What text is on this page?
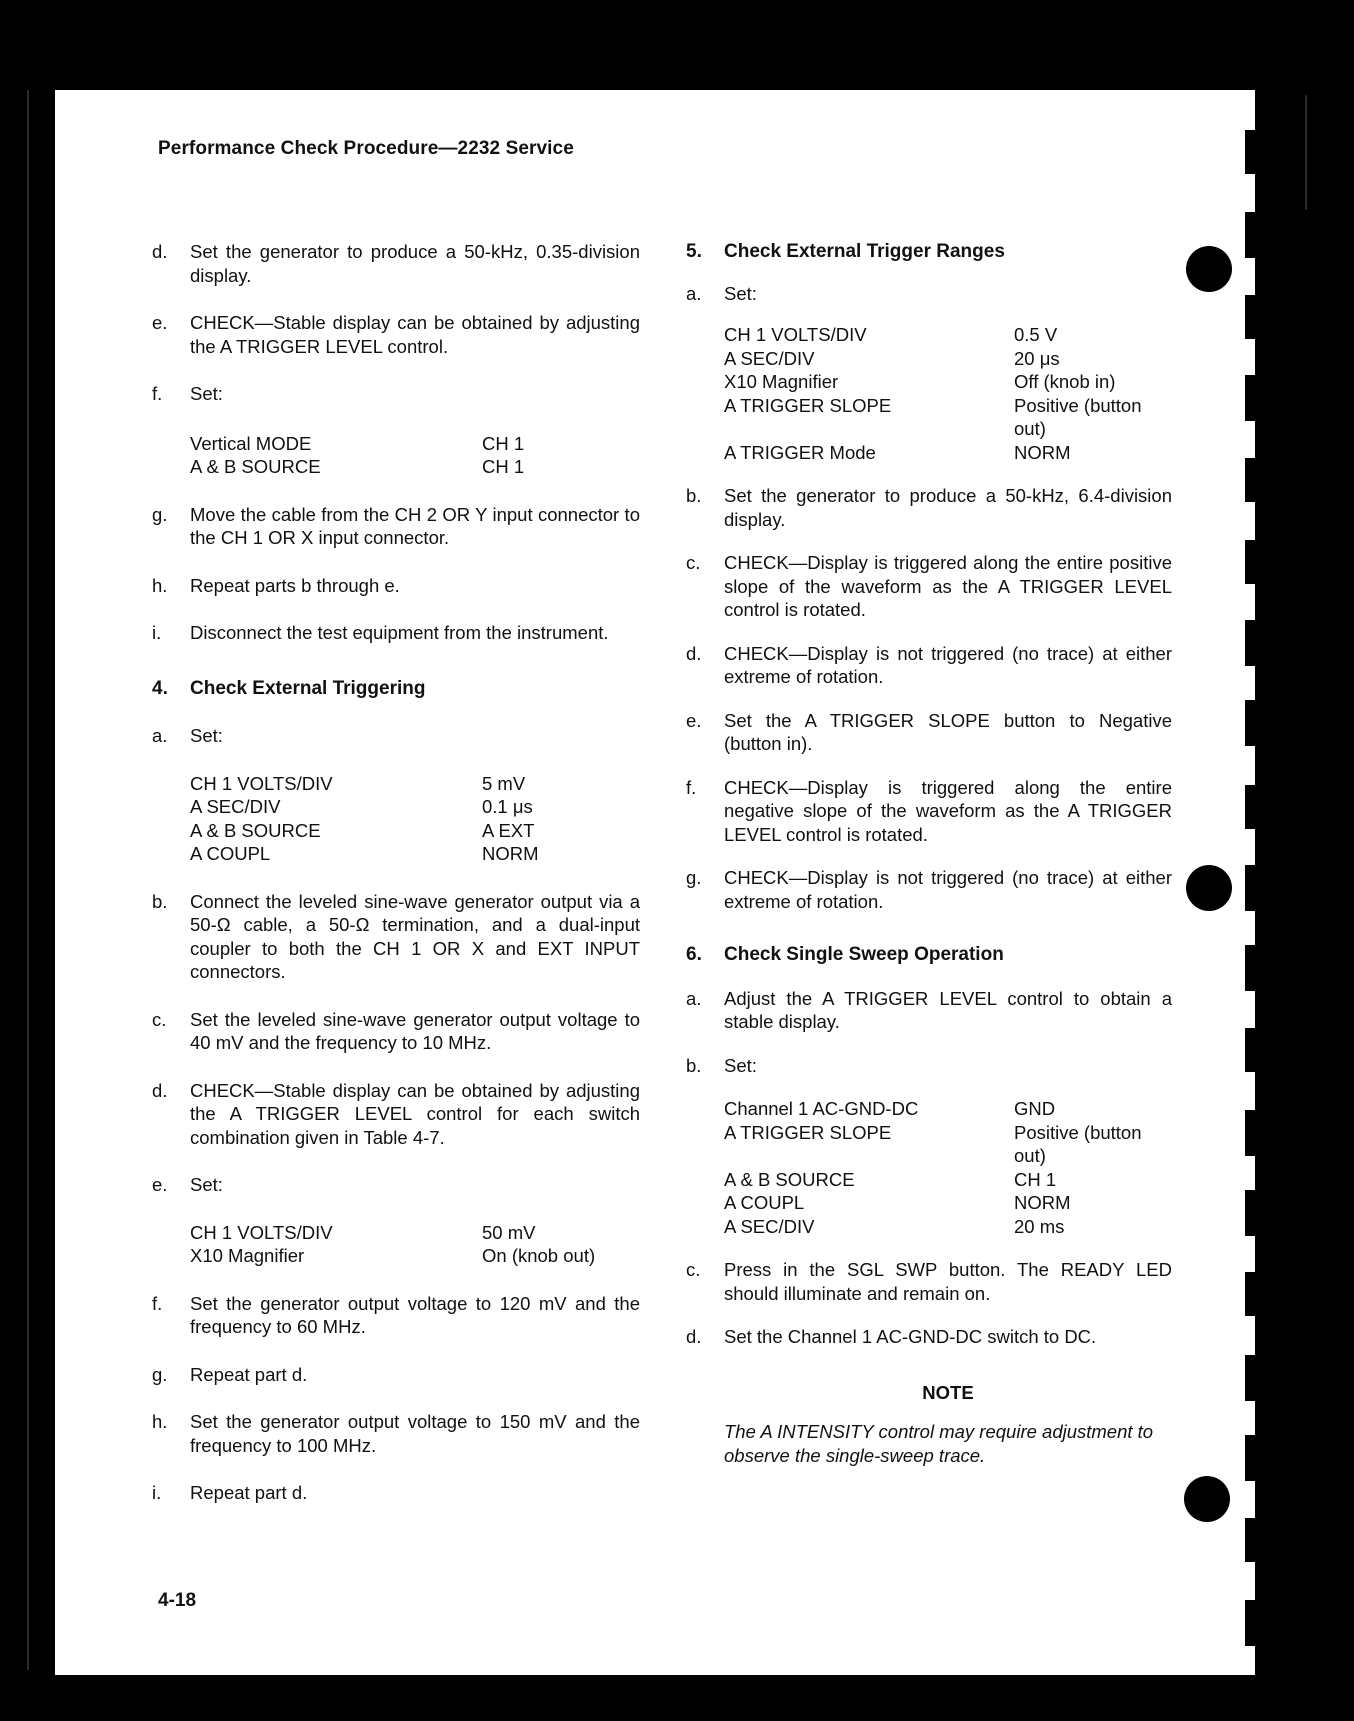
Performance Check Procedure—2232 Service
d.	Set the generator to produce a 50-kHz, 0.35-division display.
e.	CHECK—Stable display can be obtained by adjusting the A TRIGGER LEVEL control.
f.	Set:
Vertical MODE	CH 1
A & B SOURCE	CH 1
g.	Move the cable from the CH 2 OR Y input connector to the CH 1 OR X input connector.
h.	Repeat parts b through e.
i.	Disconnect the test equipment from the instrument.
4.	Check External Triggering
a.	Set:
CH 1 VOLTS/DIV	5 mV
A SEC/DIV	0.1 μs
A & B SOURCE	A EXT
A COUPL	NORM
b.	Connect the leveled sine-wave generator output via a 50-Ω cable, a 50-Ω termination, and a dual-input coupler to both the CH 1 OR X and EXT INPUT connectors.
c.	Set the leveled sine-wave generator output voltage to 40 mV and the frequency to 10 MHz.
d.	CHECK—Stable display can be obtained by adjusting the A TRIGGER LEVEL control for each switch combination given in Table 4-7.
e.	Set:
CH 1 VOLTS/DIV	50 mV
X10 Magnifier	On (knob out)
f.	Set the generator output voltage to 120 mV and the frequency to 60 MHz.
g.	Repeat part d.
h.	Set the generator output voltage to 150 mV and the frequency to 100 MHz.
i.	Repeat part d.
5.	Check External Trigger Ranges
a.	Set:
CH 1 VOLTS/DIV	0.5 V
A SEC/DIV	20 μs
X10 Magnifier	Off (knob in)
A TRIGGER SLOPE	Positive (button out)
A TRIGGER Mode	NORM
b.	Set the generator to produce a 50-kHz, 6.4-division display.
c.	CHECK—Display is triggered along the entire positive slope of the waveform as the A TRIGGER LEVEL control is rotated.
d.	CHECK—Display is not triggered (no trace) at either extreme of rotation.
e.	Set the A TRIGGER SLOPE button to Negative (button in).
f.	CHECK—Display is triggered along the entire negative slope of the waveform as the A TRIGGER LEVEL control is rotated.
g.	CHECK—Display is not triggered (no trace) at either extreme of rotation.
6.	Check Single Sweep Operation
a.	Adjust the A TRIGGER LEVEL control to obtain a stable display.
b.	Set:
Channel 1 AC-GND-DC	GND
A TRIGGER SLOPE	Positive (button out)
A & B SOURCE	CH 1
A COUPL	NORM
A SEC/DIV	20 ms
c.	Press in the SGL SWP button. The READY LED should illuminate and remain on.
d.	Set the Channel 1 AC-GND-DC switch to DC.
NOTE
The A INTENSITY control may require adjustment to observe the single-sweep trace.
4-18
